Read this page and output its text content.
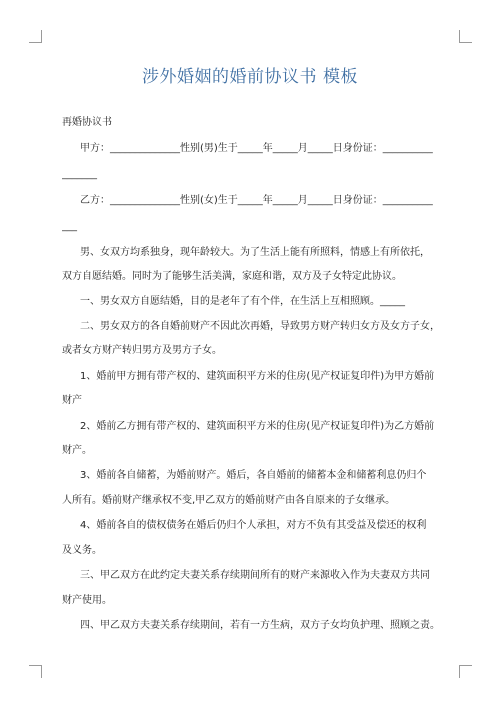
涉外婚姻的婚前协议书 模板
再婚协议书
甲方：______________性别(男)生于_____年_____月_____日身份证：__________
_______
乙方：______________性别(女)生于_____年_____月_____日身份证：__________
___
男、女双方均系独身，现年龄较大。为了生活上能有所照料，情感上有所依托，
双方自愿结婚。同时为了能够生活美满，家庭和谐，双方及子女特定此协议。
一、男女双方自愿结婚，目的是老年了有个伴，在生活上互相照顾。_____
二、男女双方的各自婚前财产不因此次再婚，导致男方财产转归女方及女方子女，
或者女方财产转归男方及男方子女。
1、婚前甲方拥有带产权的、建筑面积平方米的住房(见产权证复印件)为甲方婚前
财产
2、婚前乙方拥有带产权的、建筑面积平方米的住房(见产权证复印件)为乙方婚前
财产。
3、婚前各自储蓄，为婚前财产。婚后，各自婚前的储蓄本金和储蓄利息仍归个
人所有。婚前财产继承权不变,甲乙双方的婚前财产由各自原来的子女继承。
4、婚前各自的债权债务在婚后仍归个人承担，对方不负有其受益及偿还的权利
及义务。
三、甲乙双方在此约定夫妻关系存续期间所有的财产来源收入作为夫妻双方共同
财产使用。
四、甲乙双方夫妻关系存续期间，若有一方生病，双方子女均负护理、照顾之责。
